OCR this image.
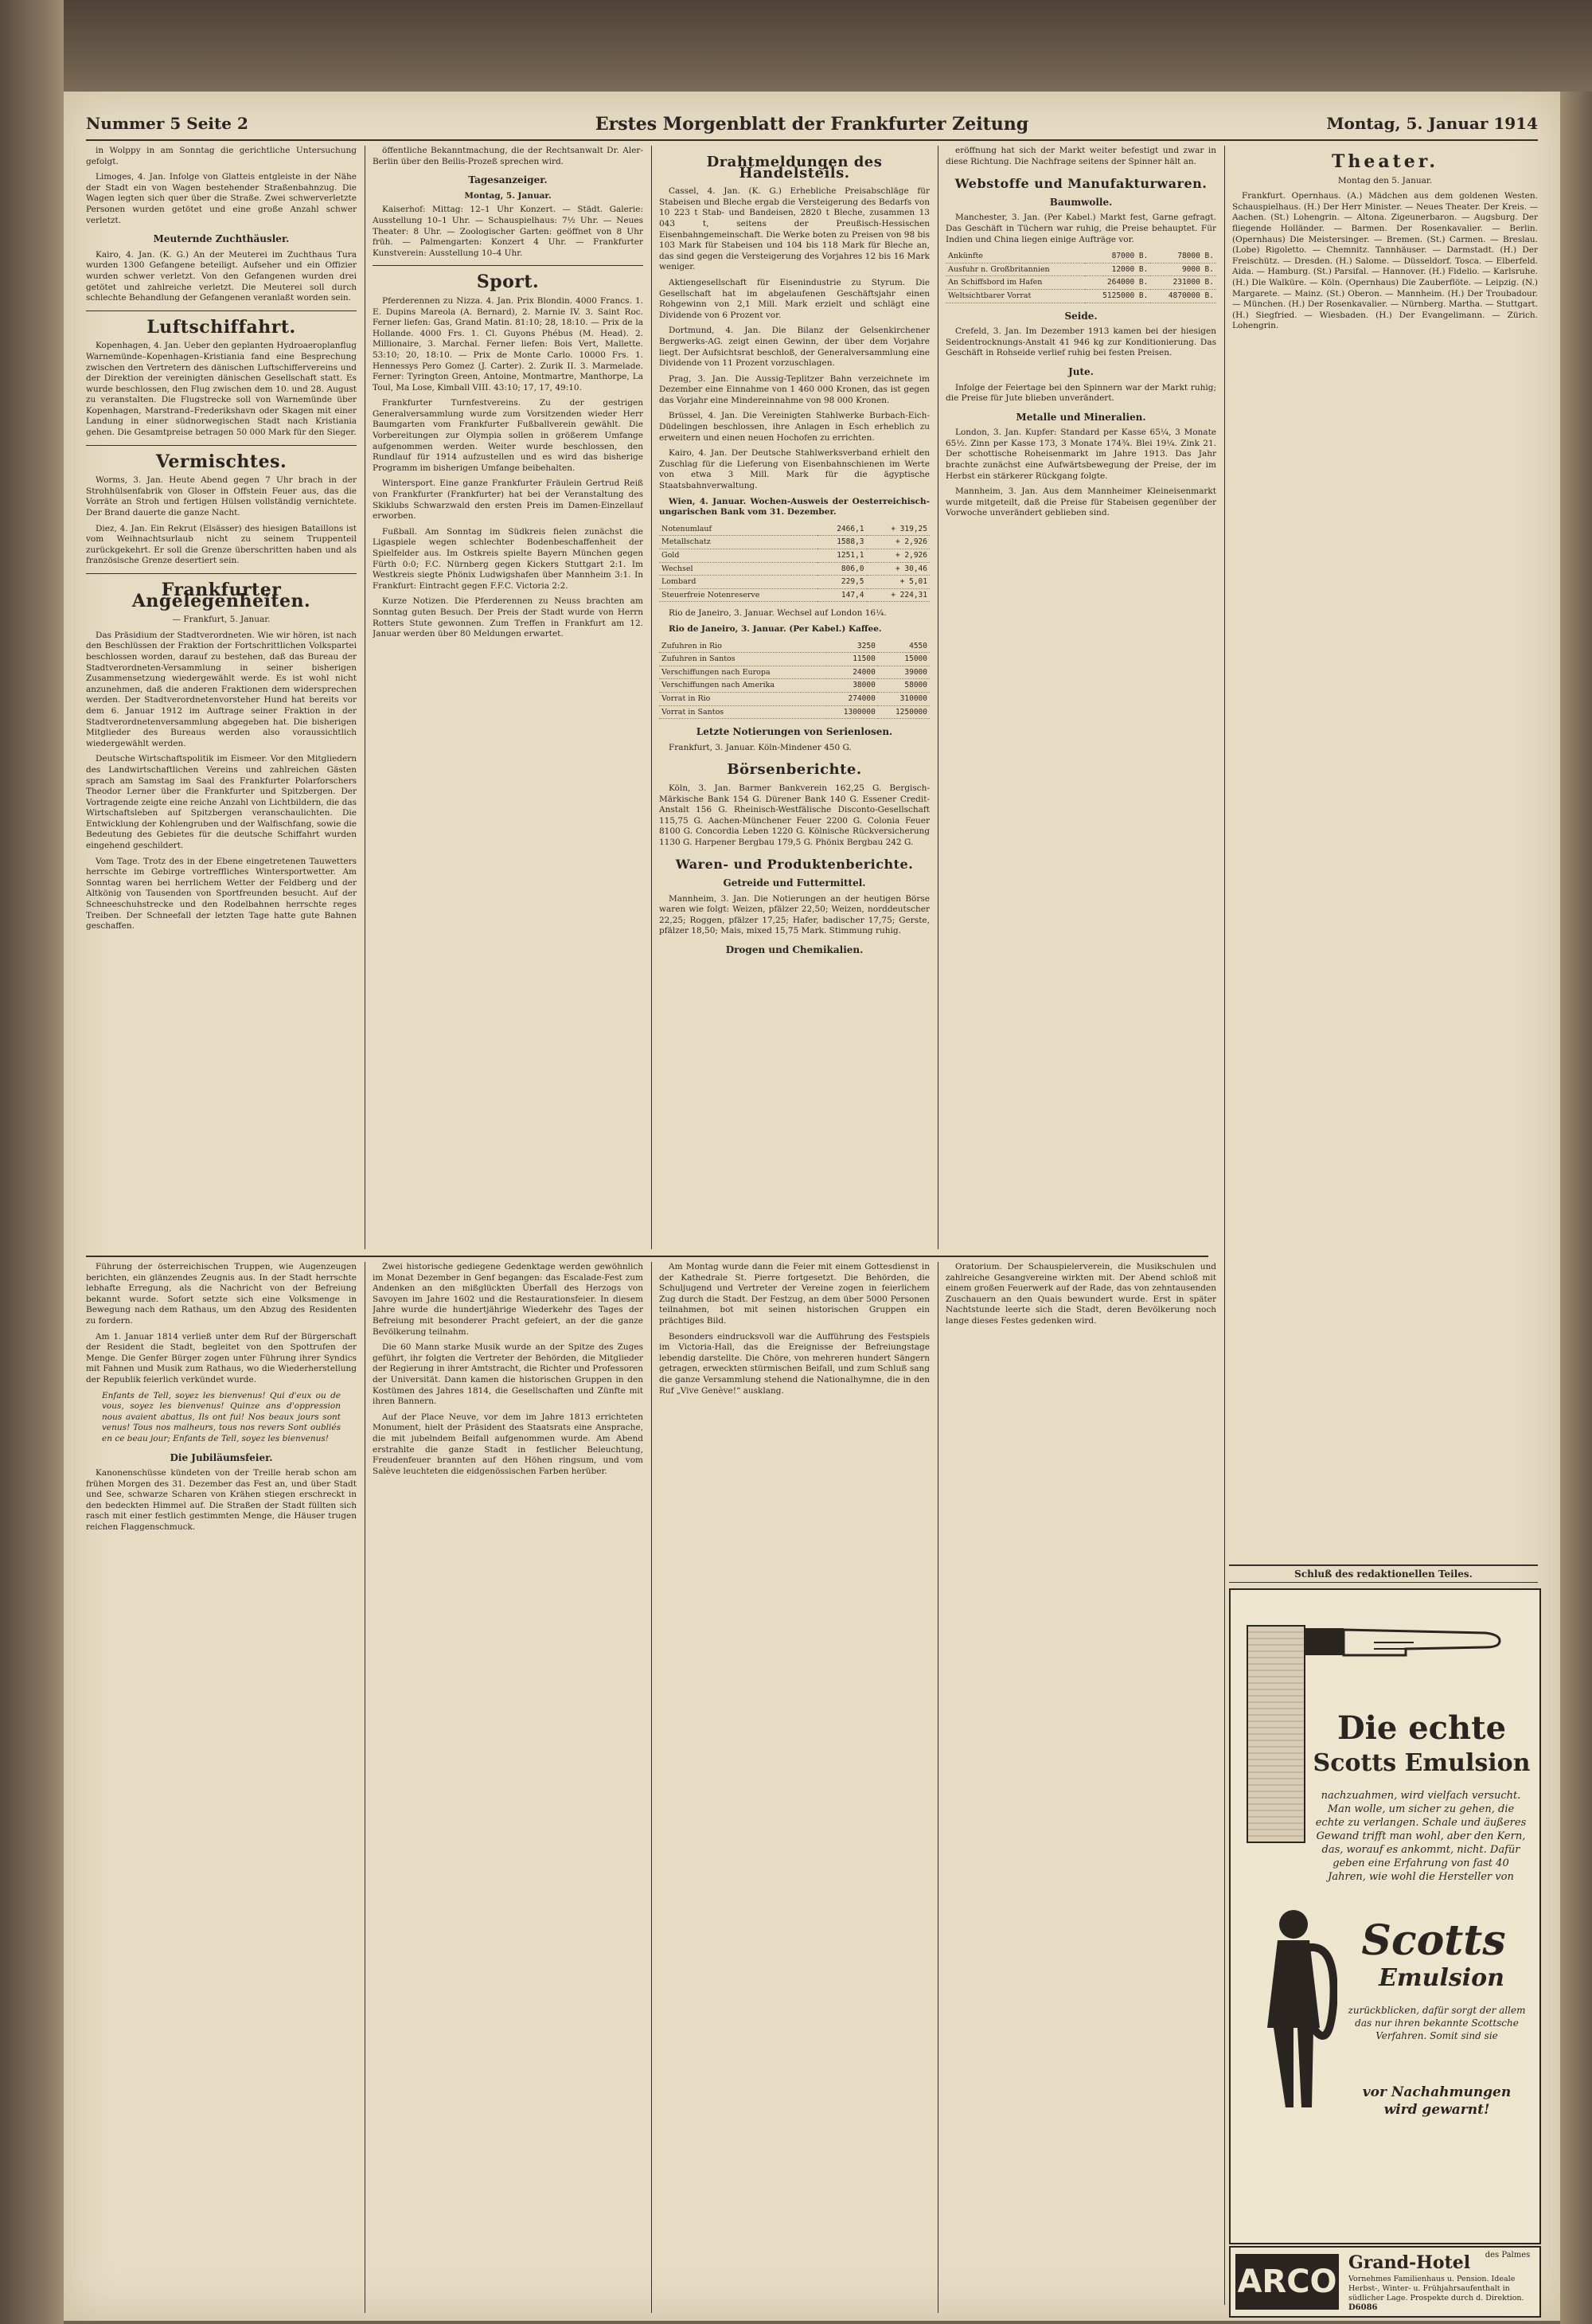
Nummer 5 Seite 2	Erstes Morgenblatt der Frankfurter Zeitung	Montag, 5. Januar 1914

in Wolppy in am Sonntag die gerichtliche Untersuchung gefolgt.

Limoges, 4. Jan. Infolge von Glatteis entgleiste in der Nähe der Stadt ein von Wagen bestehender Straßenbahnzug. Die Wagen legten sich quer über die Straße. Zwei schwerverletzte Personen wurden getötet und eine große Anzahl schwer verletzt.

Meuternde Zuchthäusler.

Kairo, 4. Jan. (K. G.) An der Meuterei im Zuchthaus Tura wurden 1300 Gefangene beteiligt. Aufseher und ein Offizier wurden schwer verletzt. Von den Gefangenen wurden drei getötet und zahlreiche verletzt. Die Meuterei soll durch schlechte Behandlung der Gefangenen veranlaßt worden sein.

Luftschiffahrt.

Kopenhagen, 4. Jan. Ueber den geplanten Hydroaeroplanflug Warnemünde–Kopenhagen–Kristiania fand eine Besprechung zwischen den Vertretern des dänischen Luftschiffervereins und der Direktion der vereinigten dänischen Gesellschaft statt. Es wurde beschlossen, den Flug zwischen dem 10. und 28. August zu veranstalten. Die Flugstrecke soll von Warnemünde über Kopenhagen, Marstrand–Frederikshavn oder Skagen mit einer Landung in einer südnorwegischen Stadt nach Kristiania gehen. Die Gesamtpreise betragen 50 000 Mark für den Sieger.

Vermischtes.

Worms, 3. Jan. Heute Abend gegen 7 Uhr brach in der Strohhülsenfabrik von Gloser in Offstein Feuer aus, das die Vorräte an Stroh und fertigen Hülsen vollständig vernichtete. Der Brand dauerte die ganze Nacht.

Diez, 4. Jan. Ein Rekrut (Elsässer) des hiesigen Bataillons ist vom Weihnachtsurlaub nicht zu seinem Truppenteil zurückgekehrt. Er soll die Grenze überschritten haben und als französische Grenze desertiert sein.

Frankfurter Angelegenheiten.
— Frankfurt, 5. Januar.

Das Präsidium der Stadtverordneten. Wie wir hören, ist nach den Beschlüssen der Fraktion der Fortschrittlichen Volkspartei beschlossen worden, darauf zu bestehen, daß das Bureau der Stadtverordneten-Versammlung in seiner bisherigen Zusammensetzung wiedergewählt werde. Es ist wohl nicht anzunehmen, daß die anderen Fraktionen dem widersprechen werden. Der Stadtverordnetenvorsteher Hund hat bereits vor dem 6. Januar 1912 im Auftrage seiner Fraktion in der Stadtverordnetenversammlung abgegeben hat. Die bisherigen Mitglieder des Bureaus werden also voraussichtlich wiedergewählt werden.

Deutsche Wirtschaftspolitik im Eismeer. Vor den Mitgliedern des Landwirtschaftlichen Vereins und zahlreichen Gästen sprach am Samstag im Saal des Frankfurter Polarforschers Theodor Lerner über die Frankfurter und Spitzbergen. Der Vortragende zeigte eine reiche Anzahl von Lichtbildern, die das Wirtschaftsleben auf Spitzbergen veranschaulichten. Die Entwicklung der Kohlengruben und der Walfischfang, sowie die Bedeutung des Gebietes für die deutsche Schiffahrt wurden eingehend geschildert.

Vom Tage. Trotz des in der Ebene eingetretenen Tauwetters herrschte im Gebirge vortreffliches Wintersportwetter. Am Sonntag waren bei herrlichem Wetter der Feldberg und der Altkönig von Tausenden von Sportfreunden besucht. Auf der Schneeschuhstrecke und den Rodelbahnen herrschte reges Treiben. Der Schneefall der letzten Tage hatte gute Bahnen geschaffen.

öffentliche Bekanntmachung, die der Rechtsanwalt Dr. Aler-Berlin über den Beilis-Prozeß sprechen wird.

Tagesanzeiger.
Montag, 5. Januar.

Kaiserhof: Mittag: 12–1 Uhr Konzert. — Städt. Galerie: Ausstellung 10–1 Uhr. — Schauspielhaus: 7½ Uhr. — Neues Theater: 8 Uhr. — Zoologischer Garten: geöffnet von 8 Uhr früh. — Palmengarten: Konzert 4 Uhr. — Frankfurter Kunstverein: Ausstellung 10–4 Uhr.

Sport.

Pferderennen zu Nizza. 4. Jan. Prix Blondin. 4000 Francs. 1. E. Dupins Mareola (A. Bernard), 2. Marnie IV. 3. Saint Roc. Ferner liefen: Gas, Grand Matin. 81:10; 28, 18:10. — Prix de la Hollande. 4000 Frs. 1. Cl. Guyons Phébus (M. Head). 2. Millionaire, 3. Marchal. Ferner liefen: Bois Vert, Mallette. 53:10; 20, 18:10. — Prix de Monte Carlo. 10000 Frs. 1. Hennessys Pero Gomez (J. Carter). 2. Zurik II. 3. Marmelade. Ferner: Tyrington Green, Antoine, Montmartre, Manthorpe, La Toul, Ma Lose, Kimball VIII. 43:10; 17, 17, 49:10.

Frankfurter Turnfestvereins. Zu der gestrigen Generalversammlung wurde zum Vorsitzenden wieder Herr Baumgarten vom Frankfurter Fußballverein gewählt. Die Vorbereitungen zur Olympia sollen in größerem Umfange aufgenommen werden. Weiter wurde beschlossen, den Rundlauf für 1914 aufzustellen und es wird das bisherige Programm im bisherigen Umfange beibehalten.

Wintersport. Eine ganze Frankfurter Fräulein Gertrud Reiß von Frankfurter (Frankfurter) hat bei der Veranstaltung des Skiklubs Schwarzwald den ersten Preis im Damen-Einzellauf erworben.

Fußball. Am Sonntag im Südkreis fielen zunächst die Ligaspiele wegen schlechter Bodenbeschaffenheit der Spielfelder aus. Im Ostkreis spielte Bayern München gegen Fürth 0:0; F.C. Nürnberg gegen Kickers Stuttgart 2:1. Im Westkreis siegte Phönix Ludwigshafen über Mannheim 3:1. In Frankfurt: Eintracht gegen F.F.C. Victoria 2:2.

Kurze Notizen. Die Pferderennen zu Neuss brachten am Sonntag guten Besuch. Der Preis der Stadt wurde von Herrn Rotters Stute gewonnen. Zum Treffen in Frankfurt am 12. Januar werden über 80 Meldungen erwartet.

Drahtmeldungen des Handelsteils.

Cassel, 4. Jan. (K. G.) Erhebliche Preisabschläge für Stabeisen und Bleche ergab die Versteigerung des Bedarfs von 10 223 t Stab- und Bandeisen, 2820 t Bleche, zusammen 13 043 t, seitens der Preußisch-Hessischen Eisenbahngemeinschaft. Die Werke boten zu Preisen von 98 bis 103 Mark für Stabeisen und 104 bis 118 Mark für Bleche an, das sind gegen die Versteigerung des Vorjahres 12 bis 16 Mark weniger.

Aktiengesellschaft für Eisenindustrie zu Styrum. Die Gesellschaft hat im abgelaufenen Geschäftsjahr einen Rohgewinn von 2,1 Mill. Mark erzielt und schlägt eine Dividende von 6 Prozent vor.

Dortmund, 4. Jan. Die Bilanz der Gelsenkirchener Bergwerks-AG. zeigt einen Gewinn, der über dem Vorjahre liegt. Der Aufsichtsrat beschloß, der Generalversammlung eine Dividende von 11 Prozent vorzuschlagen.

Prag, 3. Jan. Die Aussig-Teplitzer Bahn verzeichnete im Dezember eine Einnahme von 1 460 000 Kronen, das ist gegen das Vorjahr eine Mindereinnahme von 98 000 Kronen.

Brüssel, 4. Jan. Die Vereinigten Stahlwerke Burbach-Eich-Düdelingen beschlossen, ihre Anlagen in Esch erheblich zu erweitern und einen neuen Hochofen zu errichten.

Kairo, 4. Jan. Der Deutsche Stahlwerksverband erhielt den Zuschlag für die Lieferung von Eisenbahnschienen im Werte von etwa 3 Mill. Mark für die ägyptische Staatsbahnverwaltung.

Wien, 4. Januar. Wochen-Ausweis der Oesterreichisch-ungarischen Bank vom 31. Dezember.

Notenumlauf	2466,1	+ 319,25
Metallschatz	1588,3	+ 2,926
Gold	1251,1	+ 2,926
Wechsel	806,0	+ 30,46
Lombard	229,5	+ 5,01
Steuerfreie Notenreserve	147,4	+ 224,31

Rio de Janeiro, 3. Januar. Wechsel auf London 16¼.

Rio de Janeiro, 3. Januar. (Per Kabel.) Kaffee.

Zufuhren in Rio	3250	4550
Zufuhren in Santos	11500	15000
Verschiffungen nach Europa	24000	39000
Verschiffungen nach Amerika	38000	58000
Vorrat in Rio	274000	310000
Vorrat in Santos	1300000	1250000
Letzte Notierungen von Serienlosen.

Frankfurt, 3. Januar. Köln-Mindener 450 G.

Börsenberichte.

Köln, 3. Jan. Barmer Bankverein 162,25 G. Bergisch-Märkische Bank 154 G. Dürener Bank 140 G. Essener Credit-Anstalt 156 G. Rheinisch-Westfälische Disconto-Gesellschaft 115,75 G. Aachen-Münchener Feuer 2200 G. Colonia Feuer 8100 G. Concordia Leben 1220 G. Kölnische Rückversicherung 1130 G. Harpener Bergbau 179,5 G. Phönix Bergbau 242 G.

Waren- und Produktenberichte.
Getreide und Futtermittel.

Mannheim, 3. Jan. Die Notierungen an der heutigen Börse waren wie folgt: Weizen, pfälzer 22,50; Weizen, norddeutscher 22,25; Roggen, pfälzer 17,25; Hafer, badischer 17,75; Gerste, pfälzer 18,50; Mais, mixed 15,75 Mark. Stimmung ruhig.

Drogen und Chemikalien.

eröffnung hat sich der Markt weiter befestigt und zwar in diese Richtung. Die Nachfrage seitens der Spinner hält an.

Webstoffe und Manufakturwaren.
Baumwolle.

Manchester, 3. Jan. (Per Kabel.) Markt fest, Garne gefragt. Das Geschäft in Tüchern war ruhig, die Preise behauptet. Für Indien und China liegen einige Aufträge vor.

Ankünfte	87000 B.	78000 B.
Ausfuhr n. Großbritannien	12000 B.	9000 B.
An Schiffsbord im Hafen	264000 B.	231000 B.
Weltsichtbarer Vorrat	5125000 B.	4870000 B.
Seide.

Crefeld, 3. Jan. Im Dezember 1913 kamen bei der hiesigen Seidentrocknungs-Anstalt 41 946 kg zur Konditionierung. Das Geschäft in Rohseide verlief ruhig bei festen Preisen.

Jute.

Infolge der Feiertage bei den Spinnern war der Markt ruhig; die Preise für Jute blieben unverändert.

Metalle und Mineralien.

London, 3. Jan. Kupfer: Standard per Kasse 65¼, 3 Monate 65½. Zinn per Kasse 173, 3 Monate 174¾. Blei 19¼. Zink 21. Der schottische Roheisenmarkt im Jahre 1913. Das Jahr brachte zunächst eine Aufwärtsbewegung der Preise, der im Herbst ein stärkerer Rückgang folgte.

Mannheim, 3. Jan. Aus dem Mannheimer Kleineisenmarkt wurde mitgeteilt, daß die Preise für Stabeisen gegenüber der Vorwoche unverändert geblieben sind.

Theater.
Montag den 5. Januar.

Frankfurt. Opernhaus. (A.) Mädchen aus dem goldenen Westen. Schauspielhaus. (H.) Der Herr Minister. — Neues Theater. Der Kreis. — Aachen. (St.) Lohengrin. — Altona. Zigeunerbaron. — Augsburg. Der fliegende Holländer. — Barmen. Der Rosenkavalier. — Berlin. (Opernhaus) Die Meistersinger. — Bremen. (St.) Carmen. — Breslau. (Lobe) Rigoletto. — Chemnitz. Tannhäuser. — Darmstadt. (H.) Der Freischütz. — Dresden. (H.) Salome. — Düsseldorf. Tosca. — Elberfeld. Aida. — Hamburg. (St.) Parsifal. — Hannover. (H.) Fidelio. — Karlsruhe. (H.) Die Walküre. — Köln. (Opernhaus) Die Zauberflöte. — Leipzig. (N.) Margarete. — Mainz. (St.) Oberon. — Mannheim. (H.) Der Troubadour. — München. (H.) Der Rosenkavalier. — Nürnberg. Martha. — Stuttgart. (H.) Siegfried. — Wiesbaden. (H.) Der Evangelimann. — Zürich. Lohengrin.

Führung der österreichischen Truppen, wie Augenzeugen berichten, ein glänzendes Zeugnis aus. In der Stadt herrschte lebhafte Erregung, als die Nachricht von der Befreiung bekannt wurde. Sofort setzte sich eine Volksmenge in Bewegung nach dem Rathaus, um den Abzug des Residenten zu fordern.

Am 1. Januar 1814 verließ unter dem Ruf der Bürgerschaft der Resident die Stadt, begleitet von den Spottrufen der Menge. Die Genfer Bürger zogen unter Führung ihrer Syndics mit Fahnen und Musik zum Rathaus, wo die Wiederherstellung der Republik feierlich verkündet wurde.

Enfants de Tell, soyez les bienvenus! Qui d'eux ou de vous, soyez les bienvenus! Quinze ans d'oppression nous avaient abattus, Ils ont fui! Nos beaux jours sont venus! Tous nos malheurs, tous nos revers Sont oubliés en ce beau jour; Enfants de Tell, soyez les bienvenus!

Die Jubiläumsfeier.

Kanonenschüsse kündeten von der Treille herab schon am frühen Morgen des 31. Dezember das Fest an, und über Stadt und See, schwarze Scharen von Krähen stiegen erschreckt in den bedeckten Himmel auf. Die Straßen der Stadt füllten sich rasch mit einer festlich gestimmten Menge, die Häuser trugen reichen Flaggenschmuck.

Zwei historische gediegene Gedenktage werden gewöhnlich im Monat Dezember in Genf begangen: das Escalade-Fest zum Andenken an den mißglückten Überfall des Herzogs von Savoyen im Jahre 1602 und die Restaurationsfeier. In diesem Jahre wurde die hundertjährige Wiederkehr des Tages der Befreiung mit besonderer Pracht gefeiert, an der die ganze Bevölkerung teilnahm.

Die 60 Mann starke Musik wurde an der Spitze des Zuges geführt, ihr folgten die Vertreter der Behörden, die Mitglieder der Regierung in ihrer Amtstracht, die Richter und Professoren der Universität. Dann kamen die historischen Gruppen in den Kostümen des Jahres 1814, die Gesellschaften und Zünfte mit ihren Bannern.

Auf der Place Neuve, vor dem im Jahre 1813 errichteten Monument, hielt der Präsident des Staatsrats eine Ansprache, die mit jubelndem Beifall aufgenommen wurde. Am Abend erstrahlte die ganze Stadt in festlicher Beleuchtung, Freudenfeuer brannten auf den Höhen ringsum, und vom Salève leuchteten die eidgenössischen Farben herüber.

Am Montag wurde dann die Feier mit einem Gottesdienst in der Kathedrale St. Pierre fortgesetzt. Die Behörden, die Schuljugend und Vertreter der Vereine zogen in feierlichem Zug durch die Stadt. Der Festzug, an dem über 5000 Personen teilnahmen, bot mit seinen historischen Gruppen ein prächtiges Bild.

Besonders eindrucksvoll war die Aufführung des Festspiels im Victoria-Hall, das die Ereignisse der Befreiungstage lebendig darstellte. Die Chöre, von mehreren hundert Sängern getragen, erweckten stürmischen Beifall, und zum Schluß sang die ganze Versammlung stehend die Nationalhymne, die in den Ruf „Vive Genève!“ ausklang.

Oratorium. Der Schauspielerverein, die Musikschulen und zahlreiche Gesangvereine wirkten mit. Der Abend schloß mit einem großen Feuerwerk auf der Rade, das von zehntausenden Zuschauern an den Quais bewundert wurde. Erst in später Nachtstunde leerte sich die Stadt, deren Bevölkerung noch lange dieses Festes gedenken wird.

Schluß des redaktionellen Teiles.
Die echte
Scotts Emulsion
nachzuahmen, wird vielfach versucht. Man wolle, um sicher zu gehen, die echte zu verlangen. Schale und äußeres Gewand trifft man wohl, aber den Kern, das, worauf es ankommt, nicht. Dafür geben eine Erfahrung von fast 40 Jahren, wie wohl die Hersteller von
Scotts
Emulsion
zurückblicken, dafür sorgt der allem das nur ihren bekannte Scottsche Verfahren. Somit sind sie
vor Nachahmungen wird gewarnt!
ARCO
Grand-Hotel	des Palmes
Vornehmes Familienhaus u. Pension. Ideale Herbst-, Winter- u. Frühjahrsaufenthalt in südlicher Lage. Prospekte durch d. Direktion.
D6086
